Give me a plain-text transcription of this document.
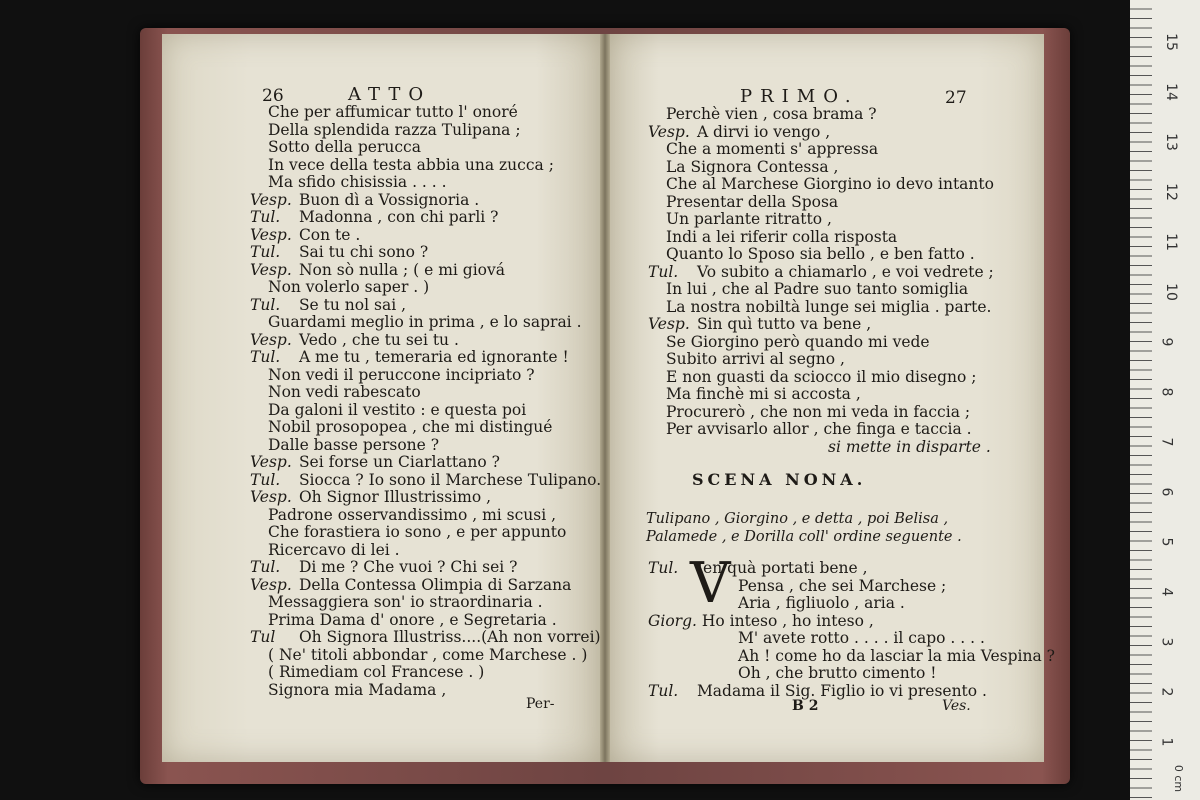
26	ATTO
Che per affumicar tutto l' onoré
Della splendida razza Tulipana ;
Sotto della perucca
In vece della testa abbia una zucca ;
Ma sfido chisissia . . . .
Vesp. Buon dì a Vossignoria .
Tul. Madonna , con chi parli ?
Vesp. Con te .
Tul. Sai tu chi sono ?
Vesp. Non sò nulla ; ( e mi giová
Non volerlo saper . )
Tul. Se tu nol sai ,
Guardami meglio in prima , e lo saprai .
Vesp. Vedo , che tu sei tu .
Tul. A me tu , temeraria ed ignorante !
Non vedi il peruccone incipriato ?
Non vedi rabescato
Da galoni il vestito : e questa poi
Nobil prosopopea , che mi distingué
Dalle basse persone ?
Vesp. Sei forse un Ciarlattano ?
Tul. Siocca ? Io sono il Marchese Tulipano.
Vesp. Oh Signor Illustrissimo ,
Padrone osservandissimo , mi scusi ,
Che forastiera io sono , e per appunto
Ricercavo di lei .
Tul. Di me ? Che vuoi ? Chi sei ?
Vesp. Della Contessa Olimpia di Sarzana
Messaggiera son' io straordinaria .
Prima Dama d' onore , e Segretaria .
Tul Oh Signora Illustriss....(Ah non vorrei)
( Ne' titoli abbondar , come Marchese . )
( Rimediam col Francese . )
Signora mia Madama ,
Per-
PRIMO.	27
Perchè vien , cosa brama ?
Vesp. A dirvi io vengo ,
Che a momenti s' appressa
La Signora Contessa ,
Che al Marchese Giorgino io devo intanto
Presentar della Sposa
Un parlante ritratto ,
Indi a lei riferir colla risposta
Quanto lo Sposo sia bello , e ben fatto .
Tul. Vo subito a chiamarlo , e voi vedrete ;
In lui , che al Padre suo tanto somiglia
La nostra nobiltà lunge sei miglia . parte.
Vesp. Sin quì tutto va bene ,
Se Giorgino però quando mi vede
Subito arrivi al segno ,
E non guasti da sciocco il mio disegno ;
Ma finchè mi si accosta ,
Procurerò , che non mi veda in faccia ;
Per avvisarlo allor , che finga e taccia .
si mette in disparte .
SCENA NONA.
Tulipano , Giorgino , e detta , poi Belisa , Palamede , e Dorilla coll' ordine seguente .
V
Tul. Ien quà portati bene ,
Pensa , che sei Marchese ;
Aria , figliuolo , aria .
Giorg. Ho inteso , ho inteso ,
M' avete rotto . . . . il capo . . . .
Ah ! come ho da lasciar la mia Vespina ?
Oh , che brutto cimento !
Tul. Madama il Sig. Figlio io vi presento .
B 2	Ves.
15
14
13
12
11
10
9
8
7
6
5
4
3
2
1
0 cm
